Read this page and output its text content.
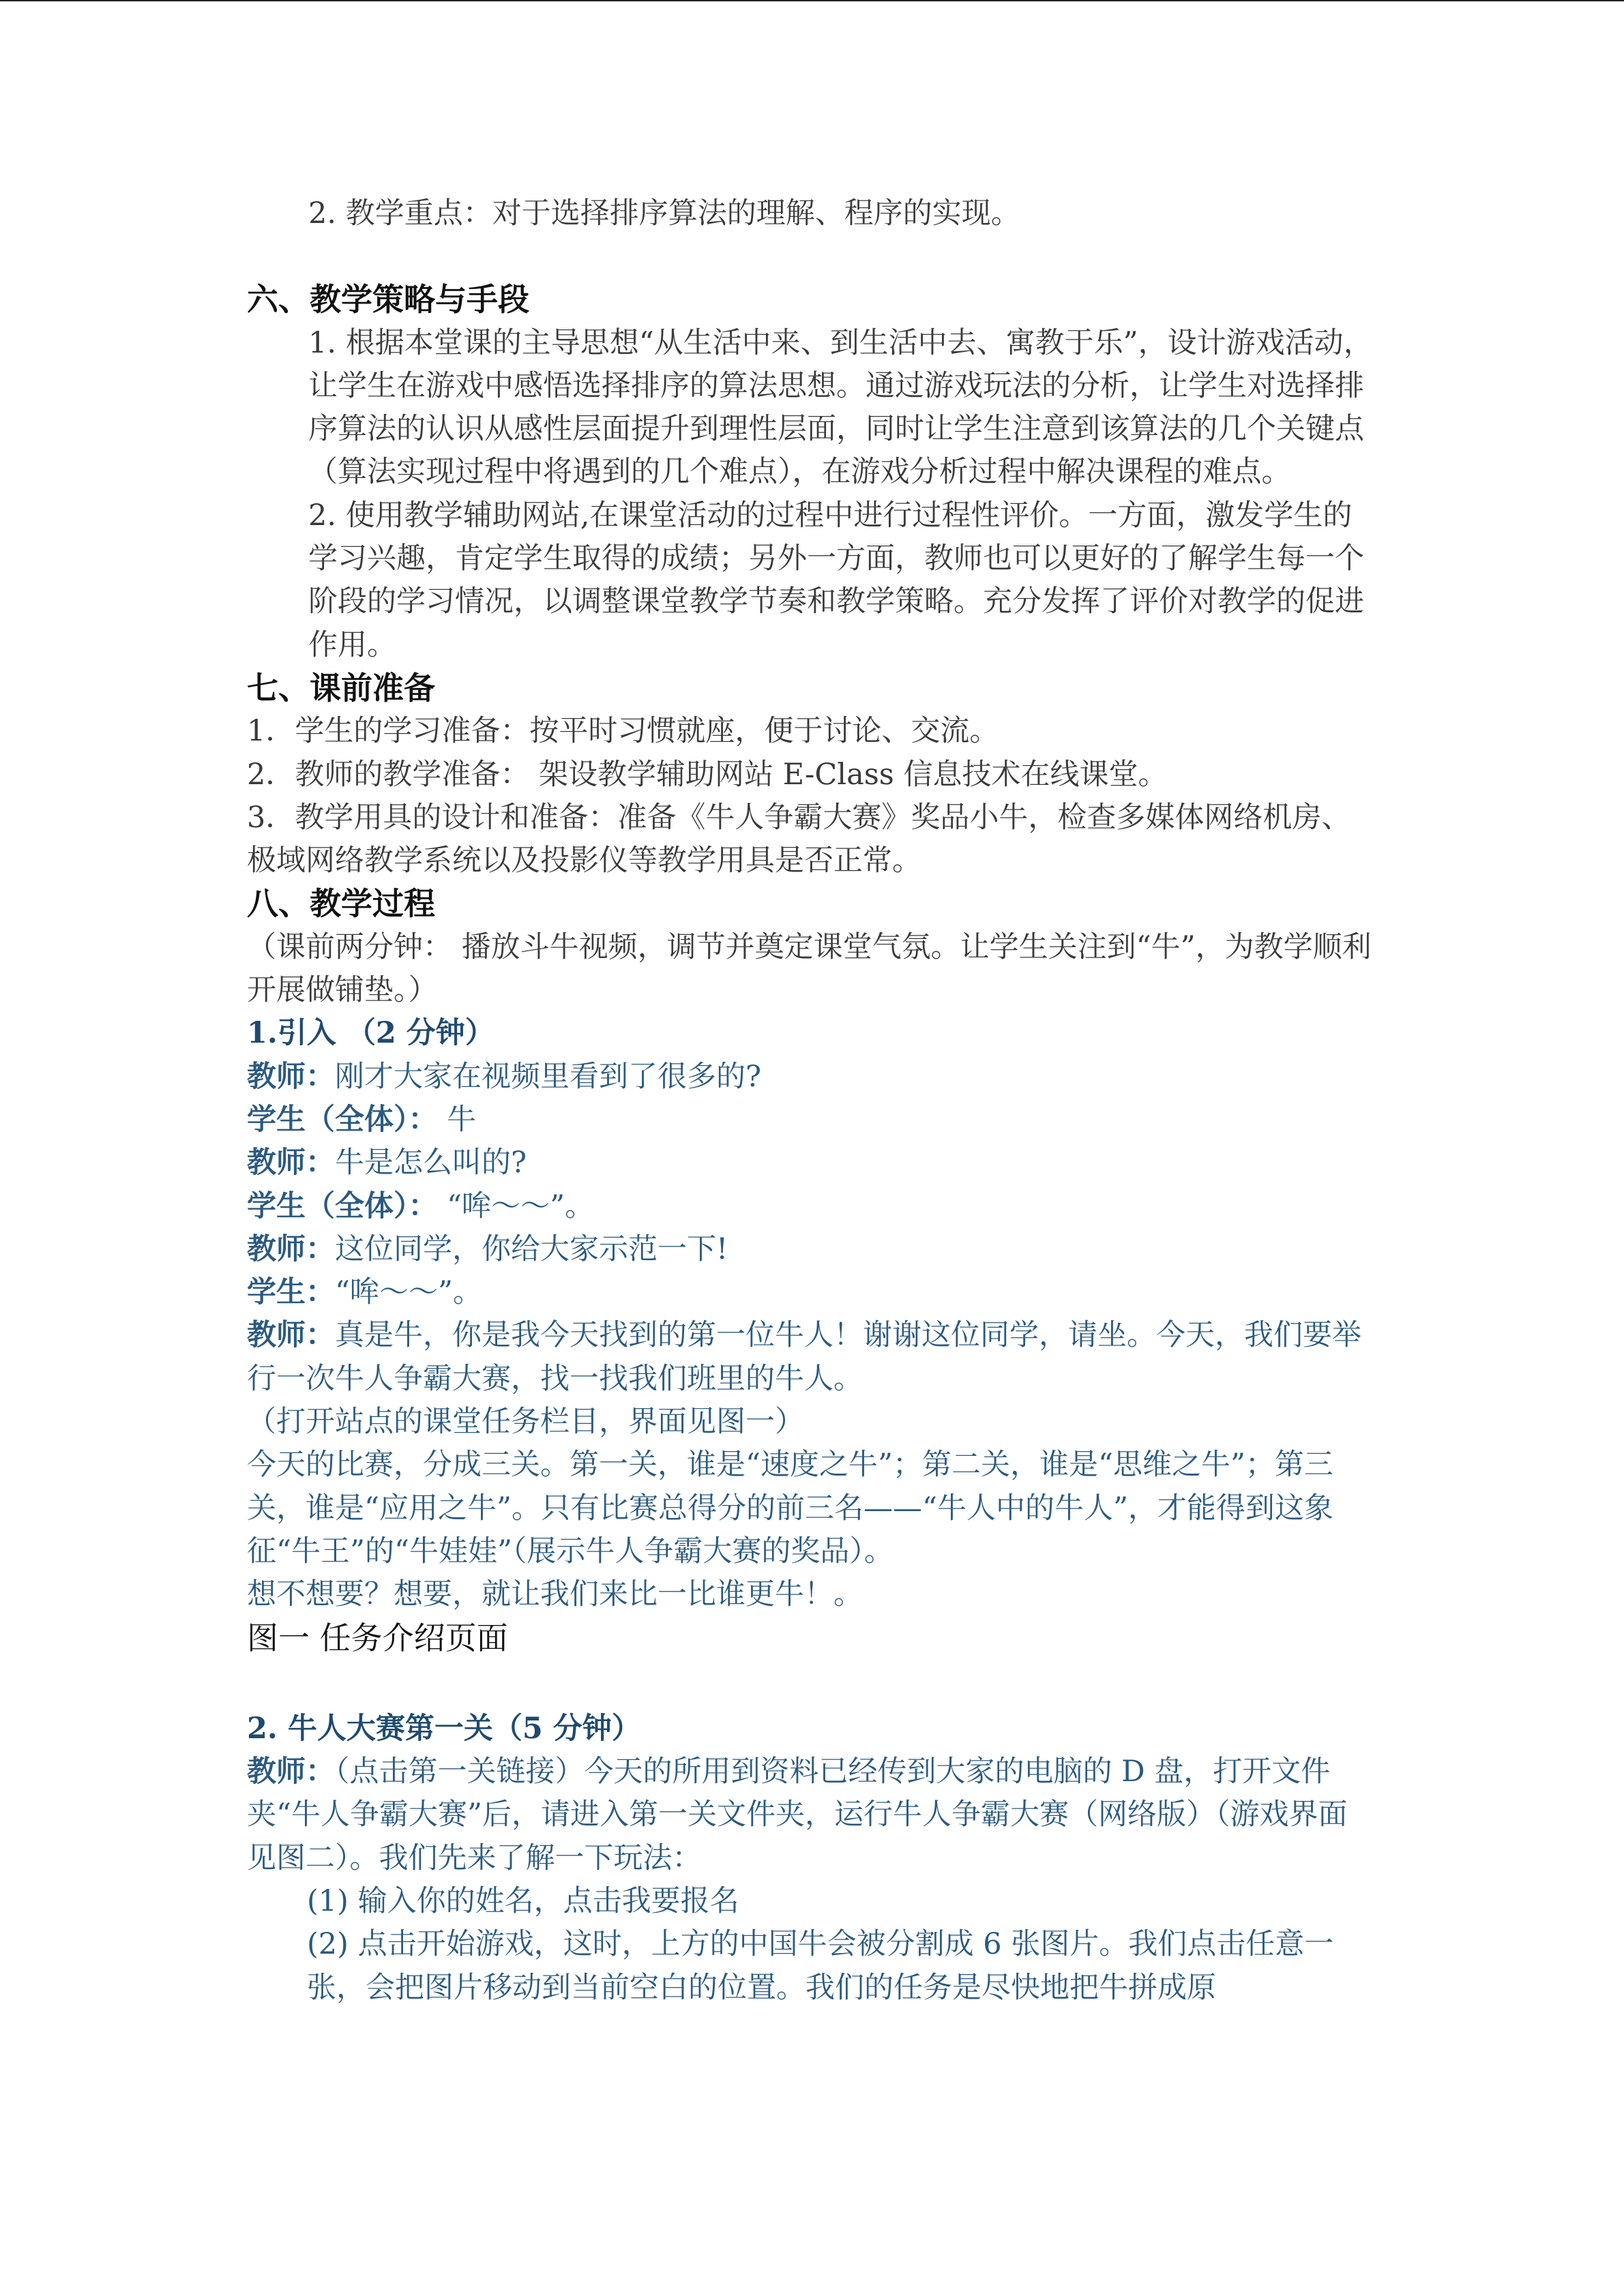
2. 教学重点：对于选择排序算法的理解、程序的实现。

六、教学策略与手段

1. 根据本堂课的主导思想“从生活中来、到生活中去、寓教于乐”，设计游戏活动，让学生在游戏中感悟选择排序的算法思想。通过游戏玩法的分析，让学生对选择排序算法的认识从感性层面提升到理性层面，同时让学生注意到该算法的几个关键点（算法实现过程中将遇到的几个难点），在游戏分析过程中解决课程的难点。

2. 使用教学辅助网站,在课堂活动的过程中进行过程性评价。一方面，激发学生的学习兴趣，肯定学生取得的成绩；另外一方面，教师也可以更好的了解学生每一个阶段的学习情况，以调整课堂教学节奏和教学策略。充分发挥了评价对教学的促进作用。

七、课前准备

1．学生的学习准备：按平时习惯就座，便于讨论、交流。

2．教师的教学准备： 架设教学辅助网站 E-Class 信息技术在线课堂。

3．教学用具的设计和准备：准备《牛人争霸大赛》奖品小牛，检查多媒体网络机房、极域网络教学系统以及投影仪等教学用具是否正常。

八、教学过程

（课前两分钟： 播放斗牛视频，调节并奠定课堂气氛。让学生关注到“牛”，为教学顺利开展做铺垫。）

1.引入 （2 分钟）

教师：刚才大家在视频里看到了很多的?

学生（全体）： 牛

教师：牛是怎么叫的?

学生（全体）： “哞～～”。

教师：这位同学，你给大家示范一下!

学生：“哞～～”。

教师：真是牛，你是我今天找到的第一位牛人！谢谢这位同学，请坐。今天，我们要举行一次牛人争霸大赛，找一找我们班里的牛人。

（打开站点的课堂任务栏目，界面见图一）

今天的比赛，分成三关。第一关，谁是“速度之牛”；第二关，谁是“思维之牛”；第三关，谁是“应用之牛”。只有比赛总得分的前三名——“牛人中的牛人”，才能得到这象征“牛王”的“牛娃娃”（展示牛人争霸大赛的奖品）。

想不想要？想要，就让我们来比一比谁更牛！。

图一 任务介绍页面

2. 牛人大赛第一关（5 分钟）

教师：（点击第一关链接）今天的所用到资料已经传到大家的电脑的 D 盘，打开文件夹“牛人争霸大赛”后，请进入第一关文件夹，运行牛人争霸大赛（网络版）（游戏界面见图二）。我们先来了解一下玩法：

(1) 输入你的姓名，点击我要报名

(2) 点击开始游戏，这时，上方的中国牛会被分割成 6 张图片。我们点击任意一张，会把图片移动到当前空白的位置。我们的任务是尽快地把牛拼成原
